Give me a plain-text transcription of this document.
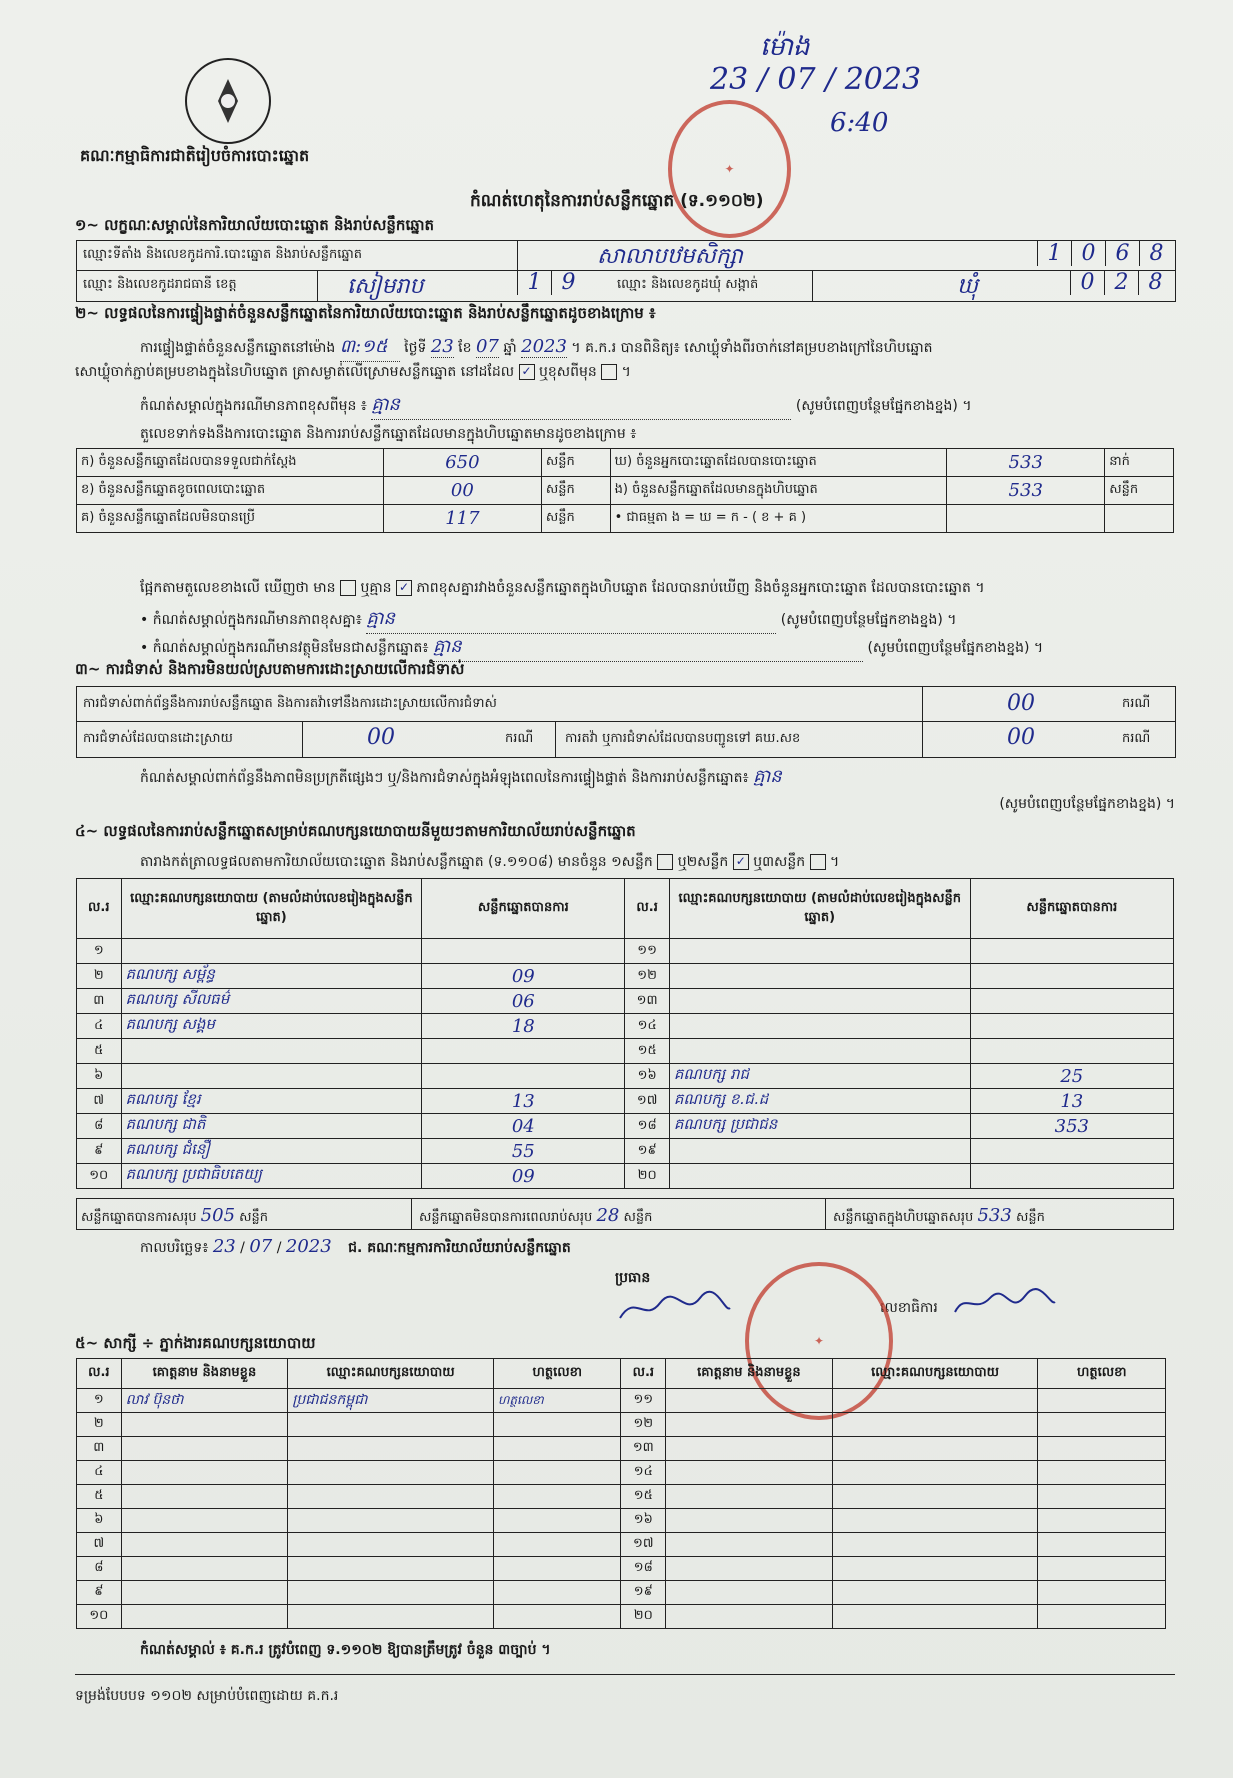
គណៈកម្មាធិការជាតិរៀបចំការបោះឆ្នោត
ម៉ោង
23 / 07 / 2023
6:40
✦
កំណត់ហេតុនៃការរាប់សន្លឹកឆ្នោត (ទ.១១០២)
១~ លក្ខណៈសម្គាល់នៃការិយាល័យបោះឆ្នោត និងរាប់សន្លឹកឆ្នោត
ឈ្មោះទីតាំង និងលេខកូដការិ.បោះឆ្នោត និងរាប់សន្លឹកឆ្នោត	សាលាបឋមសិក្សា	1 0 6 8
ឈ្មោះ និងលេខកូដរាជធានី ខេត្ត	សៀមរាប	1 9	ឈ្មោះ និងលេខកូដឃុំ សង្កាត់	ឃុំ	0 2 8
២~ លទ្ធផលនៃការផ្ទៀងផ្ទាត់ចំនួនសន្លឹកឆ្នោតនៃការិយាល័យបោះឆ្នោត និងរាប់សន្លឹកឆ្នោតដូចខាងក្រោម ៖
ការផ្ទៀងផ្ទាត់ចំនួនសន្លឹកឆ្នោតនៅម៉ោង ៣:១៥ ថ្ងៃទី 23 ខែ 07 ឆ្នាំ 2023 ។ គ.ក.រ បានពិនិត្យ៖ សោឃ្លុំទាំងពីរចាក់នៅគម្របខាងក្រៅនៃហិបឆ្នោត
សោឃ្លុំចាក់ភ្ជាប់គម្របខាងក្នុងនៃហិបឆ្នោត ត្រាសម្ងាត់លើស្រោមសន្លឹកឆ្នោត នៅដដែល ✓ ឬខុសពីមុន  ។
កំណត់សម្គាល់ក្នុងករណីមានភាពខុសពីមុន ៖ គ្មាន	(សូមបំពេញបន្ថែមផ្នែកខាងខ្នង) ។
តួលេខទាក់ទងនឹងការបោះឆ្នោត និងការរាប់សន្លឹកឆ្នោតដែលមានក្នុងហិបឆ្នោតមានដូចខាងក្រោម ៖
ក) ចំនួនសន្លឹកឆ្នោតដែលបានទទួលជាក់ស្តែង	650	សន្លឹក	ឃ) ចំនួនអ្នកបោះឆ្នោតដែលបានបោះឆ្នោត	533	នាក់
ខ) ចំនួនសន្លឹកឆ្នោតខូចពេលបោះឆ្នោត	00	សន្លឹក	ង) ចំនួនសន្លឹកឆ្នោតដែលមានក្នុងហិបឆ្នោត	533	សន្លឹក
គ) ចំនួនសន្លឹកឆ្នោតដែលមិនបានប្រើ	117	សន្លឹក	• ជាធម្មតា ង = ឃ = ក - ( ខ + គ )		
ផ្អែកតាមតួលេខខាងលើ ឃើញថា មាន ឬគ្មាន ✓ ភាពខុសគ្នារវាងចំនួនសន្លឹកឆ្នោតក្នុងហិបឆ្នោត ដែលបានរាប់ឃើញ និងចំនួនអ្នកបោះឆ្នោត ដែលបានបោះឆ្នោត ។
• កំណត់សម្គាល់ក្នុងករណីមានភាពខុសគ្នា៖ គ្មាន	(សូមបំពេញបន្ថែមផ្នែកខាងខ្នង) ។
• កំណត់សម្គាល់ក្នុងករណីមានវត្ថុមិនមែនជាសន្លឹកឆ្នោត៖ គ្មាន	(សូមបំពេញបន្ថែមផ្នែកខាងខ្នង) ។
៣~ ការជំទាស់ និងការមិនយល់ស្របតាមការដោះស្រាយលើការជំទាស់
ការជំទាស់ពាក់ព័ន្ធនឹងការរាប់សន្លឹកឆ្នោត និងការតវ៉ាទៅនឹងការដោះស្រាយលើការជំទាស់	00	ករណី
ការជំទាស់ដែលបានដោះស្រាយ	00	ករណី ការតវ៉ា ឬការជំទាស់ដែលបានបញ្ជូនទៅ គឃ.សខ	00	ករណី
កំណត់សម្គាល់ពាក់ព័ន្ធនឹងភាពមិនប្រក្រតីផ្សេងៗ ឬ/និងការជំទាស់ក្នុងអំឡុងពេលនៃការផ្ទៀងផ្ទាត់ និងការរាប់សន្លឹកឆ្នោត៖ គ្មាន
(សូមបំពេញបន្ថែមផ្នែកខាងខ្នង) ។
៤~ លទ្ធផលនៃការរាប់សន្លឹកឆ្នោតសម្រាប់គណបក្សនយោបាយនីមួយៗតាមការិយាល័យរាប់សន្លឹកឆ្នោត
តារាងកត់ត្រាលទ្ធផលតាមការិយាល័យបោះឆ្នោត និងរាប់សន្លឹកឆ្នោត (ទ.១១០៨) មានចំនួន ១សន្លឹក ឬ២សន្លឹក ✓ ឬ៣សន្លឹក  ។
ល.រ	ឈ្មោះគណបក្សនយោបាយ (តាមលំដាប់លេខរៀងក្នុងសន្លឹកឆ្នោត)	សន្លឹកឆ្នោតបានការ	ល.រ	ឈ្មោះគណបក្សនយោបាយ (តាមលំដាប់លេខរៀងក្នុងសន្លឹកឆ្នោត)	សន្លឹកឆ្នោតបានការ
១			១១		
២	គណបក្ស សម្ព័ន្ធ	09	១២		
៣	គណបក្ស សីលធម៌	06	១៣		
៤	គណបក្ស សង្គម	18	១៤		
៥			១៥		
៦			១៦	គណបក្ស រាជ	25
៧	គណបក្ស ខ្មែរ	13	១៧	គណបក្ស ខ.ជ.ដ	13
៨	គណបក្ស ជាតិ	04	១៨	គណបក្ស ប្រជាជន	353
៩	គណបក្ស ជំនឿ	55	១៩		
១០	គណបក្ស ប្រជាធិបតេយ្យ	09	២០		
សន្លឹកឆ្នោតបានការសរុប 505 សន្លឹក	សន្លឹកឆ្នោតមិនបានការពេលរាប់សរុប 28 សន្លឹក	សន្លឹកឆ្នោតក្នុងហិបឆ្នោតសរុប 533 សន្លឹក
កាលបរិច្ឆេទ៖ 23 / 07 / 2023 ជ. គណៈកម្មការការិយាល័យរាប់សន្លឹកឆ្នោត
ប្រធាន
លេខាធិការ
✦
៥~ សាក្សី ÷ ភ្នាក់ងារគណបក្សនយោបាយ
ល.រ	គោត្តនាម និងនាមខ្លួន	ឈ្មោះគណបក្សនយោបាយ	ហត្ថលេខា	ល.រ	គោត្តនាម និងនាមខ្លួន	ឈ្មោះគណបក្សនយោបាយ	ហត្ថលេខា
១	លាវ ប៊ុនថា	ប្រជាជនកម្ពុជា	ហត្ថលេខា	១១			
២				១២			
៣				១៣			
៤				១៤			
៥				១៥			
៦				១៦			
៧				១៧			
៨				១៨			
៩				១៩			
១០				២០			
កំណត់សម្គាល់ ៖ គ.ក.រ ត្រូវបំពេញ ទ.១១០២ ឱ្យបានត្រឹមត្រូវ ចំនួន ៣ច្បាប់ ។
ទម្រង់បែបបទ ១១០២ សម្រាប់បំពេញដោយ គ.ក.រ
